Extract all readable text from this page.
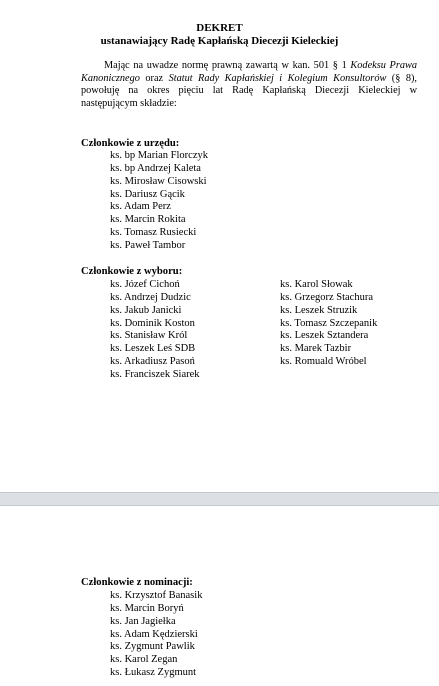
DEKRET
ustanawiający Radę Kapłańską Diecezji Kieleckiej
Mając na uwadze normę prawną zawartą w kan. 501 § 1 Kodeksu Prawa Kanonicznego oraz Statut Rady Kapłańskiej i Kolegium Konsultorów (§ 8), powołuję na okres pięciu lat Radę Kapłańską Diecezji Kieleckiej w następującym składzie:
Członkowie z urzędu:
ks. bp Marian Florczyk
ks. bp Andrzej Kaleta
ks. Mirosław Cisowski
ks. Dariusz Gącik
ks. Adam Perz
ks. Marcin Rokita
ks. Tomasz Rusiecki
ks. Paweł Tambor
Członkowie z wyboru:
ks. Józef Cichoń
ks. Andrzej Dudzic
ks. Jakub Janicki
ks. Dominik Koston
ks. Stanisław Król
ks. Leszek Leś SDB
ks. Arkadiusz Pasoń
ks. Franciszek Siarek
ks. Karol Słowak
ks. Grzegorz Stachura
ks. Leszek Struzik
ks. Tomasz Szczepanik
ks. Leszek Sztandera
ks. Marek Tazbir
ks. Romuald Wróbel
Członkowie z nominacji:
ks. Krzysztof Banasik
ks. Marcin Boryń
ks. Jan Jagiełka
ks. Adam Kędzierski
ks. Zygmunt Pawlik
ks. Karol Zegan
ks. Łukasz Zygmunt
